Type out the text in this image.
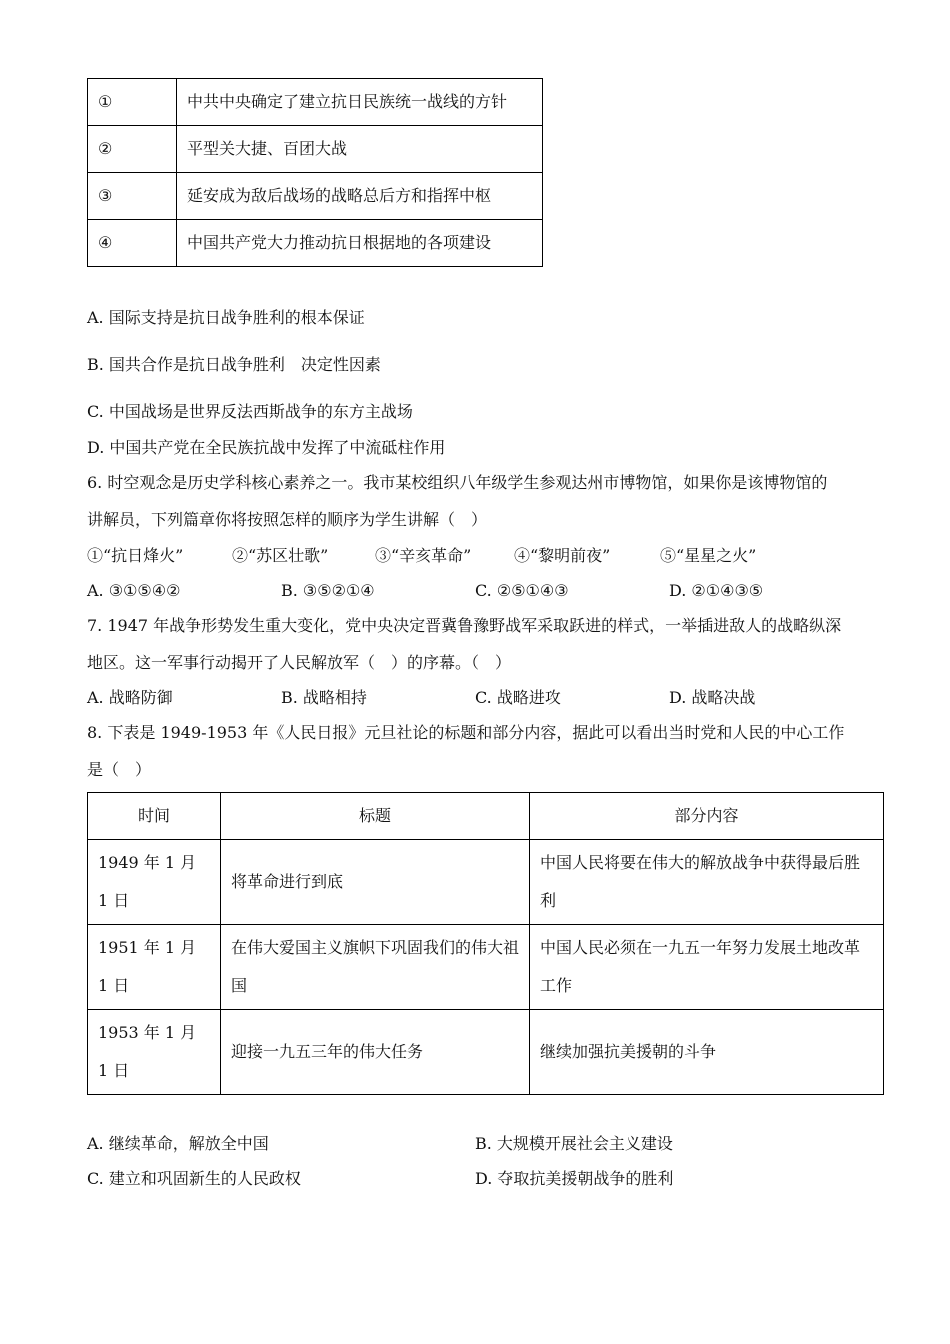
①	中共中央确定了建立抗日民族统一战线的方针
②	平型关大捷、百团大战
③	延安成为敌后战场的战略总后方和指挥中枢
④	中国共产党大力推动抗日根据地的各项建设
A. 国际支持是抗日战争胜利的根本保证
B. 国共合作是抗日战争胜利　决定性因素
C. 中国战场是世界反法西斯战争的东方主战场
D. 中国共产党在全民族抗战中发挥了中流砥柱作用
6. 时空观念是历史学科核心素养之一。我市某校组织八年级学生参观达州市博物馆，如果你是该博物馆的
讲解员，下列篇章你将按照怎样的顺序为学生讲解（　）
①“抗日烽火”	②“苏区壮歌”	③“辛亥革命”	④“黎明前夜”	⑤“星星之火”
A. ③①⑤④②	B. ③⑤②①④	C. ②⑤①④③	D. ②①④③⑤
7. 1947 年战争形势发生重大变化，党中央决定晋冀鲁豫野战军采取跃进的样式，一举插进敌人的战略纵深
地区。这一军事行动揭开了人民解放军（　）的序幕。（　）
A. 战略防御	B. 战略相持	C. 战略进攻	D. 战略决战
8. 下表是 1949-1953 年《人民日报》元旦社论的标题和部分内容，据此可以看出当时党和人民的中心工作
是（　）
时间	标题	部分内容
1949 年 1 月 1 日	将革命进行到底	中国人民将要在伟大的解放战争中获得最后胜利
1951 年 1 月 1 日	在伟大爱国主义旗帜下巩固我们的伟大祖国	中国人民必须在一九五一年努力发展土地改革工作
1953 年 1 月 1 日	迎接一九五三年的伟大任务	继续加强抗美援朝的斗争
A. 继续革命，解放全中国	B. 大规模开展社会主义建设
C. 建立和巩固新生的人民政权	D. 夺取抗美援朝战争的胜利
